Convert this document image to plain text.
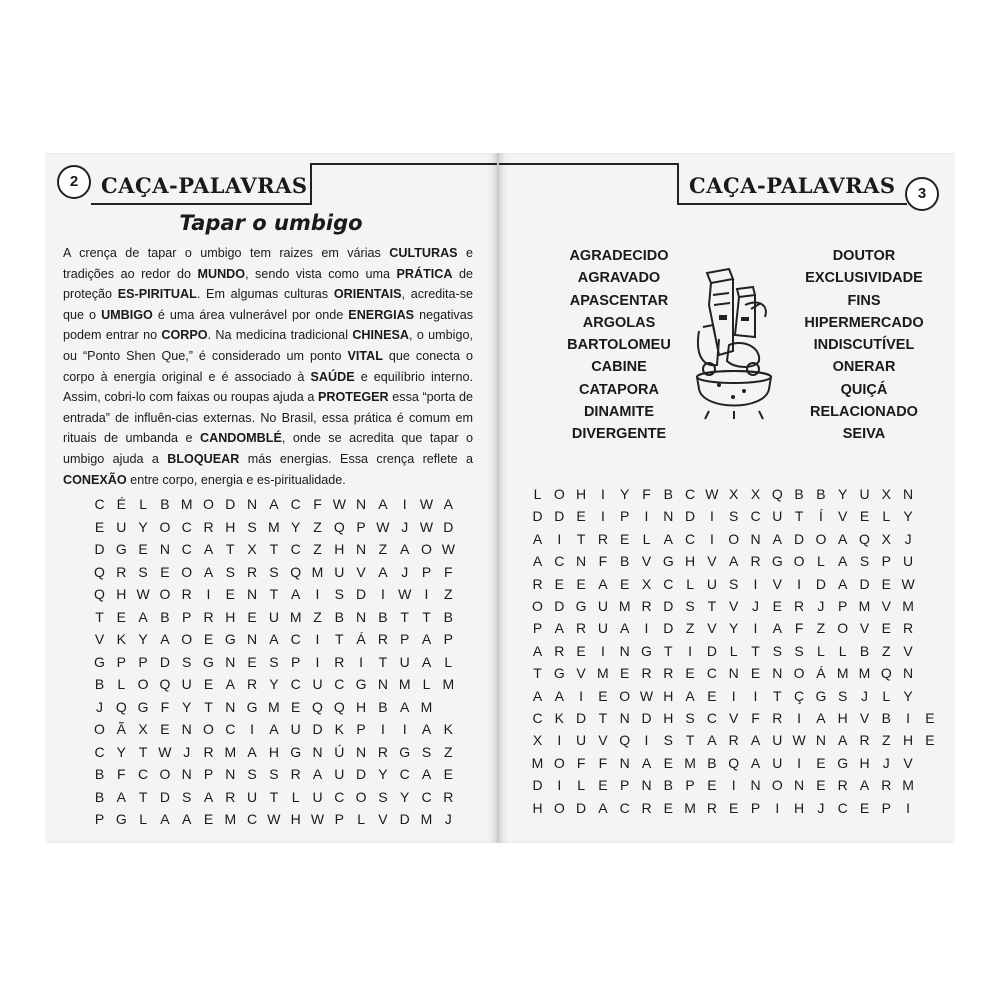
2	CAÇA-PALAVRAS
Tapar o umbigo
A crença de tapar o umbigo tem raizes em várias CULTURAS e tradições ao redor do MUNDO, sendo vista como uma PRÁTICA de proteção ES-PIRITUAL. Em algumas culturas ORIENTAIS, acredita-se que o UMBIGO é uma área vulnerável por onde ENERGIAS negativas podem entrar no CORPO. Na medicina tradicional CHINESA, o umbigo, ou “Ponto Shen Que,” é considerado um ponto VITAL que conecta o corpo à energia original e é associado à SAÚDE e equilíbrio interno. Assim, cobri-lo com faixas ou roupas ajuda a PROTEGER essa “porta de entrada” de influên-cias externas. No Brasil, essa prática é comum em rituais de umbanda e CANDOMBLÉ, onde se acredita que tapar o umbigo ajuda a BLOQUEAR más energias. Essa crença reflete a CONEXÃO entre corpo, energia e es-piritualidade.
C É L B M O D N A C F W N A	I W A
E U Y O C R H S M Y Z Q P W J W D
D G E N C A T X T C Z H N Z A O W
Q R S E O A S R S Q M U V A J P F
Q H W O R	I	E N T A	I	S D	I W I	Z
T E A B P R H E U M Z B N B T T B
V K Y A O E G N A C	I	T Á R P A P
G P P D S G N E S P	I	R	I	T U A L
B L O Q U E A R Y C U C G N M L M
J Q G F Y T N G M E Q Q H B A M
O Ã X E N O C	I	A U D K P	I	I	A K
C Y T W J R M A H G N Ú N R G S Z
B F C O N P N S S R A U D Y C A E
B A T D S A R U T L U C O S Y C R
P G L A A E M C W H W P L V D M J
CAÇA-PALAVRAS	3
AGRADECIDO
AGRAVADO
APASCENTAR
ARGOLAS
BARTOLOMEU
CABINE
CATAPORA
DINAMITE
DIVERGENTE
DOUTOR
EXCLUSIVIDADE
FINS
HIPERMERCADO
INDISCUTÍVEL
ONERAR
QUIÇÁ
RELACIONADO
SEIVA
L O H	I	Y F B C W X X Q B B Y U X N
D D E	I	P	I	N D	I	S C U T	Í	V E L Y
A	I	T R E L A C	I	O N A D O A Q X J
A C N F B V G H V A R G O L A S P U
R E E A E X C L U S	I	V	I	D A D E W
O D G U M R D S T V J E R J P M V M
P A R U A	I	D Z V Y	I	A F Z O V E R
A R E	I	N G T	I	D L T S S L	L B Z V
T G V M E R R E C N E N O Á M M Q N
A A	I	E O W H A E	I	I	T Ç G S J	L Y
C K D T N D H S C V F R	I	A H V B	I	E
X	I	U V Q	I	S T A R A U W N A R Z H E
M O F F N A E M B Q A U	I	E G H J V
D	I	L E P N B P E	I	N O N E R A R M
H O D A C R E M R E P	I	H J C E P	I
